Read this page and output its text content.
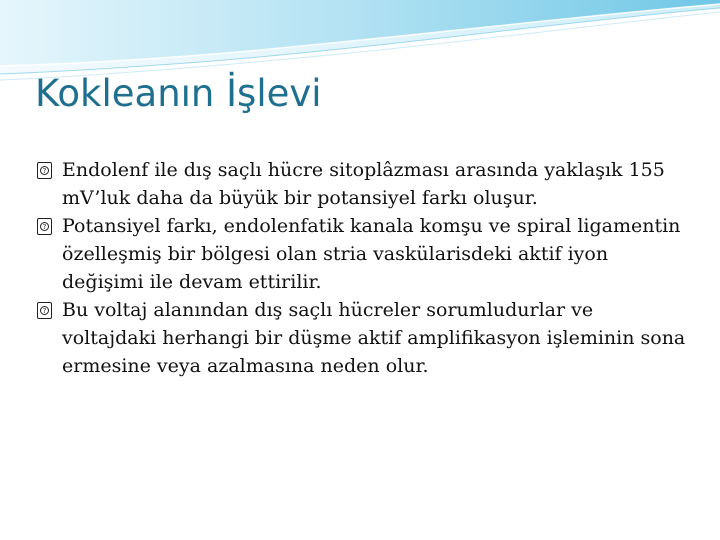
Kokleanın İşlevi
? Endolenf ile dış saçlı hücre sitoplâzması arasında yaklaşık 155 mV’luk daha da büyük bir potansiyel farkı oluşur.
? Potansiyel farkı, endolenfatik kanala komşu ve spiral ligamentin özelleşmiş bir bölgesi olan stria vaskülarisdeki aktif iyon değişimi ile devam ettirilir.
? Bu voltaj alanından dış saçlı hücreler sorumludurlar ve voltajdaki herhangi bir düşme aktif amplifikasyon işleminin sona ermesine veya azalmasına neden olur.
